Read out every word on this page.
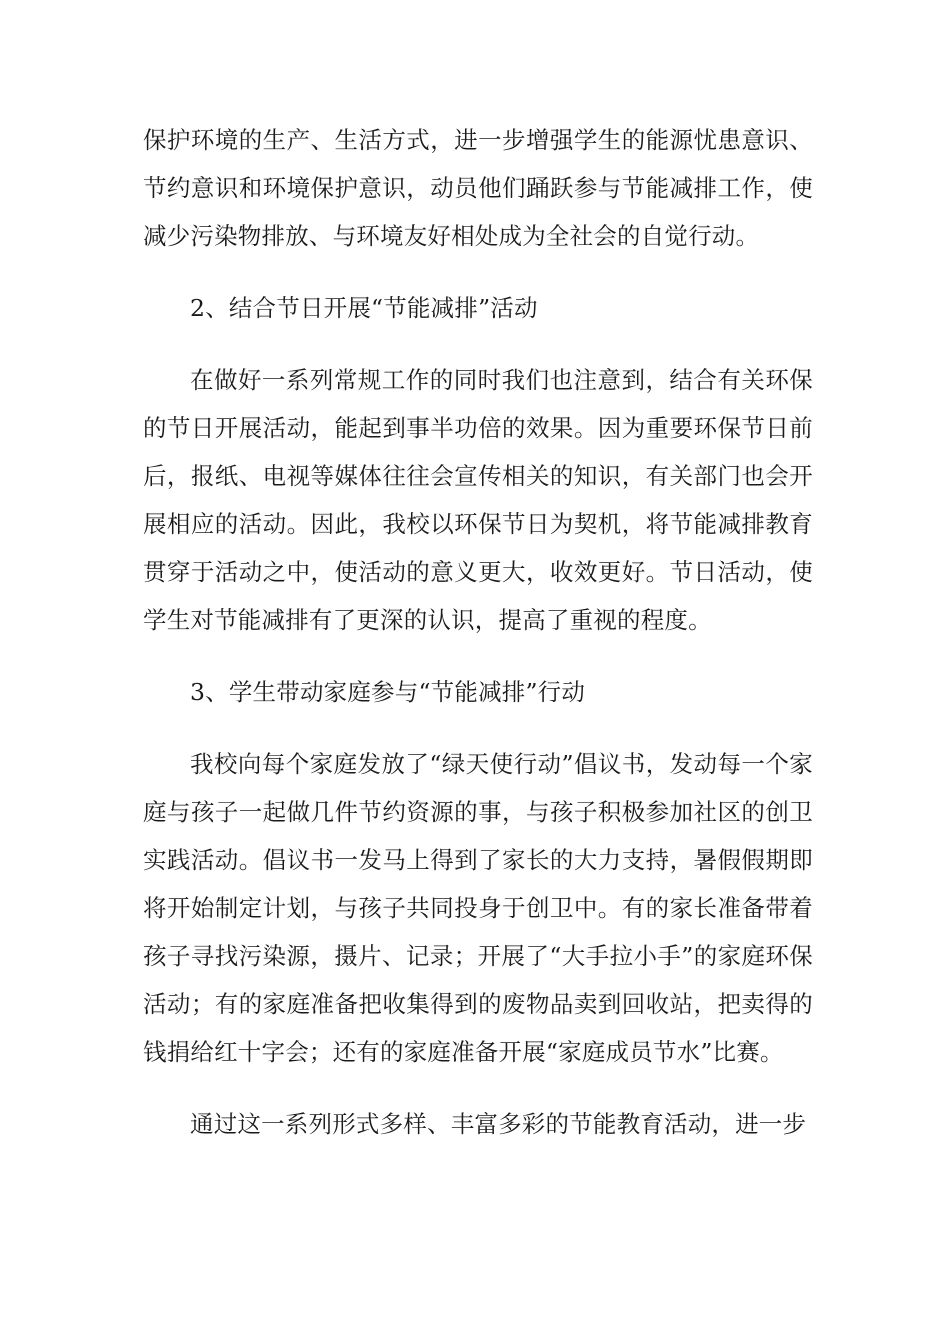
保护环境的生产、生活方式，进一步增强学生的能源忧患意识、节约意识和环境保护意识，动员他们踊跃参与节能减排工作，使减少污染物排放、与环境友好相处成为全社会的自觉行动。

2、结合节日开展“节能减排”活动

在做好一系列常规工作的同时我们也注意到，结合有关环保的节日开展活动，能起到事半功倍的效果。因为重要环保节日前后，报纸、电视等媒体往往会宣传相关的知识，有关部门也会开展相应的活动。因此，我校以环保节日为契机，将节能减排教育贯穿于活动之中，使活动的意义更大，收效更好。节日活动，使学生对节能减排有了更深的认识，提高了重视的程度。

3、学生带动家庭参与“节能减排”行动

我校向每个家庭发放了“绿天使行动”倡议书，发动每一个家庭与孩子一起做几件节约资源的事，与孩子积极参加社区的创卫实践活动。倡议书一发马上得到了家长的大力支持，暑假假期即将开始制定计划，与孩子共同投身于创卫中。有的家长准备带着孩子寻找污染源，摄片、记录；开展了“大手拉小手”的家庭环保活动；有的家庭准备把收集得到的废物品卖到回收站，把卖得的钱捐给红十字会；还有的家庭准备开展“家庭成员节水”比赛。

通过这一系列形式多样、丰富多彩的节能教育活动，进一步
